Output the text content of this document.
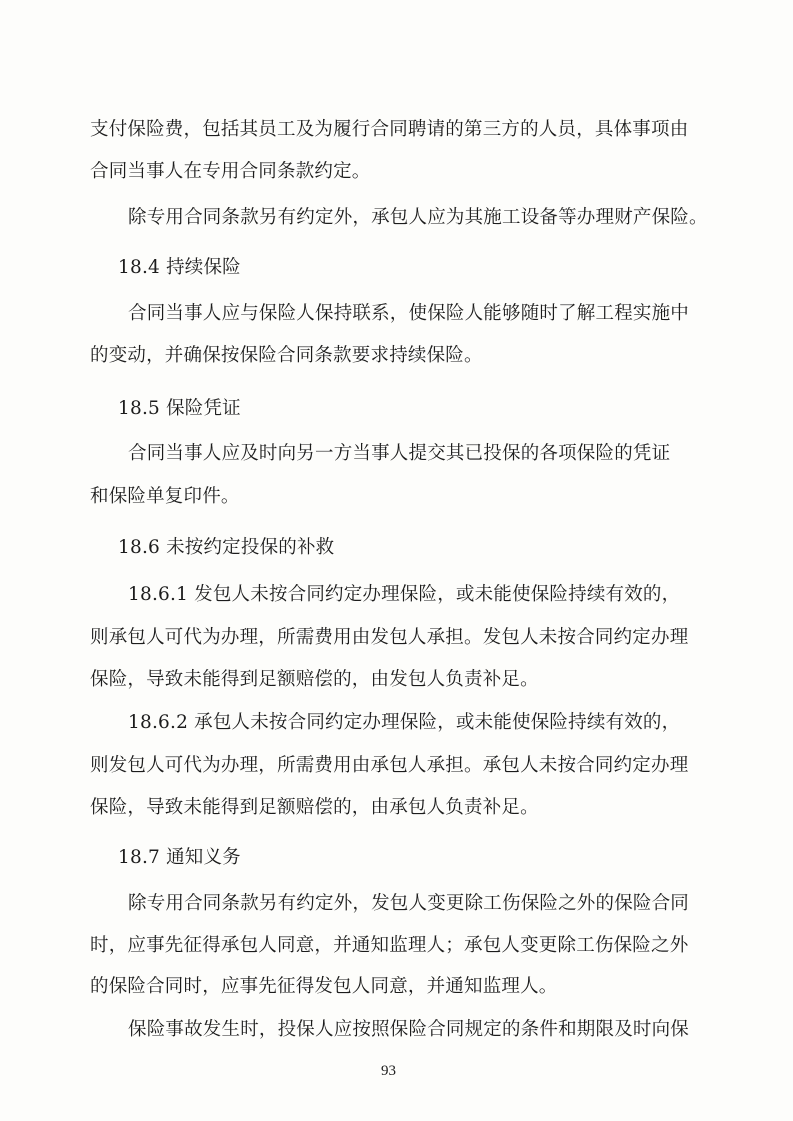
支付保险费，包括其员工及为履行合同聘请的第三方的人员，具体事项由
合同当事人在专用合同条款约定。
除专用合同条款另有约定外，承包人应为其施工设备等办理财产保险。
18.4 持续保险
合同当事人应与保险人保持联系，使保险人能够随时了解工程实施中
的变动，并确保按保险合同条款要求持续保险。
18.5 保险凭证
合同当事人应及时向另一方当事人提交其已投保的各项保险的凭证
和保险单复印件。
18.6 未按约定投保的补救
18.6.1 发包人未按合同约定办理保险，或未能使保险持续有效的，
则承包人可代为办理，所需费用由发包人承担。发包人未按合同约定办理
保险，导致未能得到足额赔偿的，由发包人负责补足。
18.6.2 承包人未按合同约定办理保险，或未能使保险持续有效的，
则发包人可代为办理，所需费用由承包人承担。承包人未按合同约定办理
保险，导致未能得到足额赔偿的，由承包人负责补足。
18.7 通知义务
除专用合同条款另有约定外，发包人变更除工伤保险之外的保险合同
时，应事先征得承包人同意，并通知监理人；承包人变更除工伤保险之外
的保险合同时，应事先征得发包人同意，并通知监理人。
保险事故发生时，投保人应按照保险合同规定的条件和期限及时向保
93
